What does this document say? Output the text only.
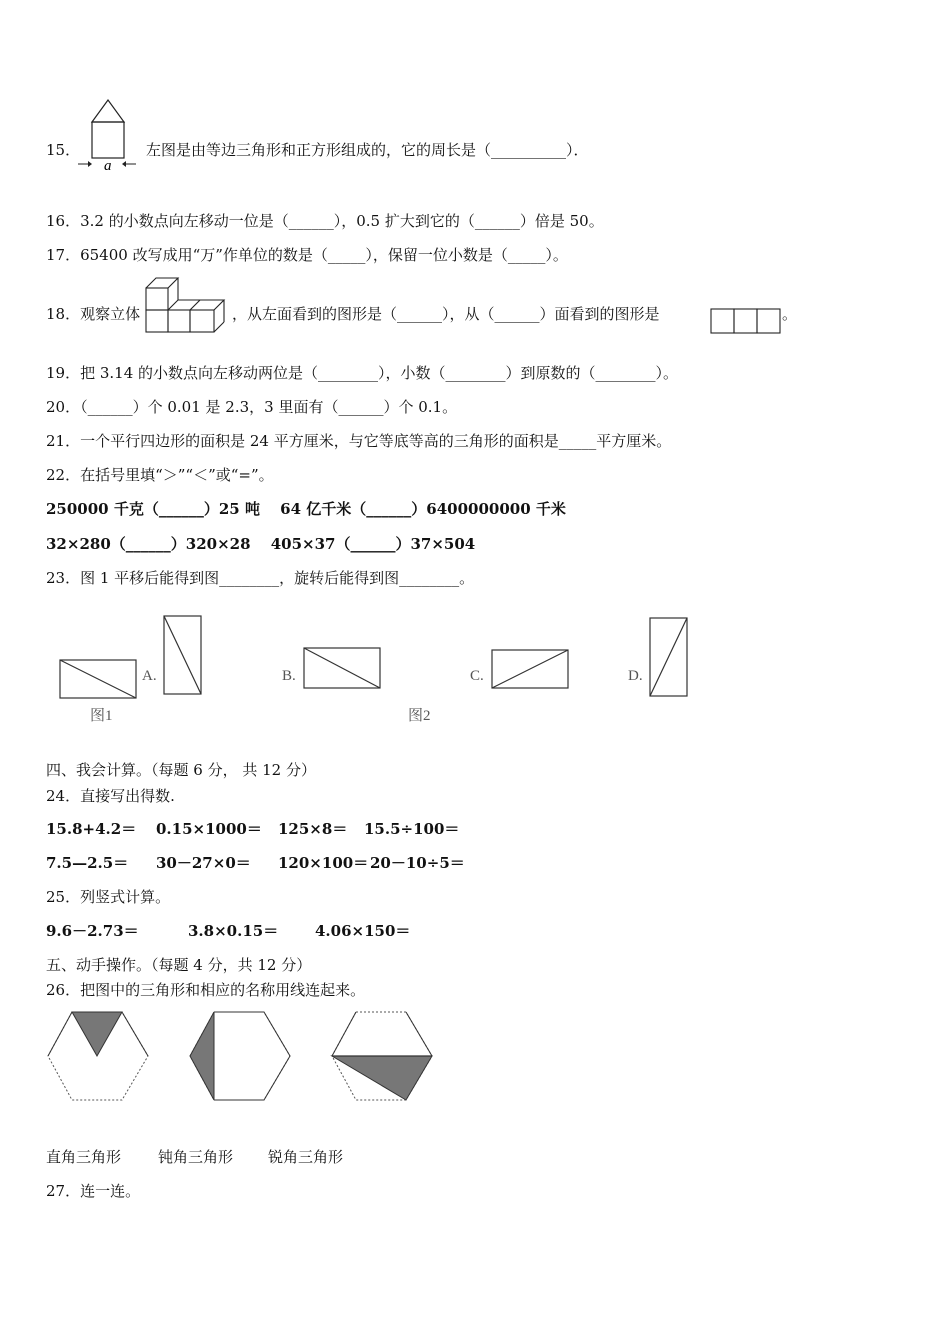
a
15．	左图是由等边三角形和正方形组成的，它的周长是（__________）．
16．3.2 的小数点向左移动一位是（______），0.5 扩大到它的（______）倍是 50。
17．65400 改写成用“万”作单位的数是（_____），保留一位小数是（_____）。
18．观察立体	，从左面看到的图形是（______），从（______）面看到的图形是	。
19．把 3.14 的小数点向左移动两位是（________），小数（________）到原数的（________）。
20．（______）个 0.01 是 2.3，3 里面有（______）个 0.1。
21．一个平行四边形的面积是 24 平方厘米，与它等底等高的三角形的面积是_____平方厘米。
22．在括号里填“＞”“＜”或“=”。
250000 千克（______）25 吨　 64 亿千米（______）6400000000 千米
32×280（______）320×28　 405×37（______）37×504
23．图 1 平移后能得到图________，旋转后能得到图________。
A.	B.	C.	D.
图1	图2
四、我会计算。（每题 6 分， 共 12 分）
24．直接写出得数.
15.8+4.2＝ 0.15×1000＝ 125×8＝ 15.5÷100＝
7.5—2.5＝ 30－27×0＝ 120×100＝ 20－10÷5＝
25．列竖式计算。
9.6－2.73＝	3.8×0.15＝ 4.06×150＝
五、动手操作。（每题 4 分，共 12 分）
26．把图中的三角形和相应的名称用线连起来。
直角三角形 钝角三角形 锐角三角形
27．连一连。
